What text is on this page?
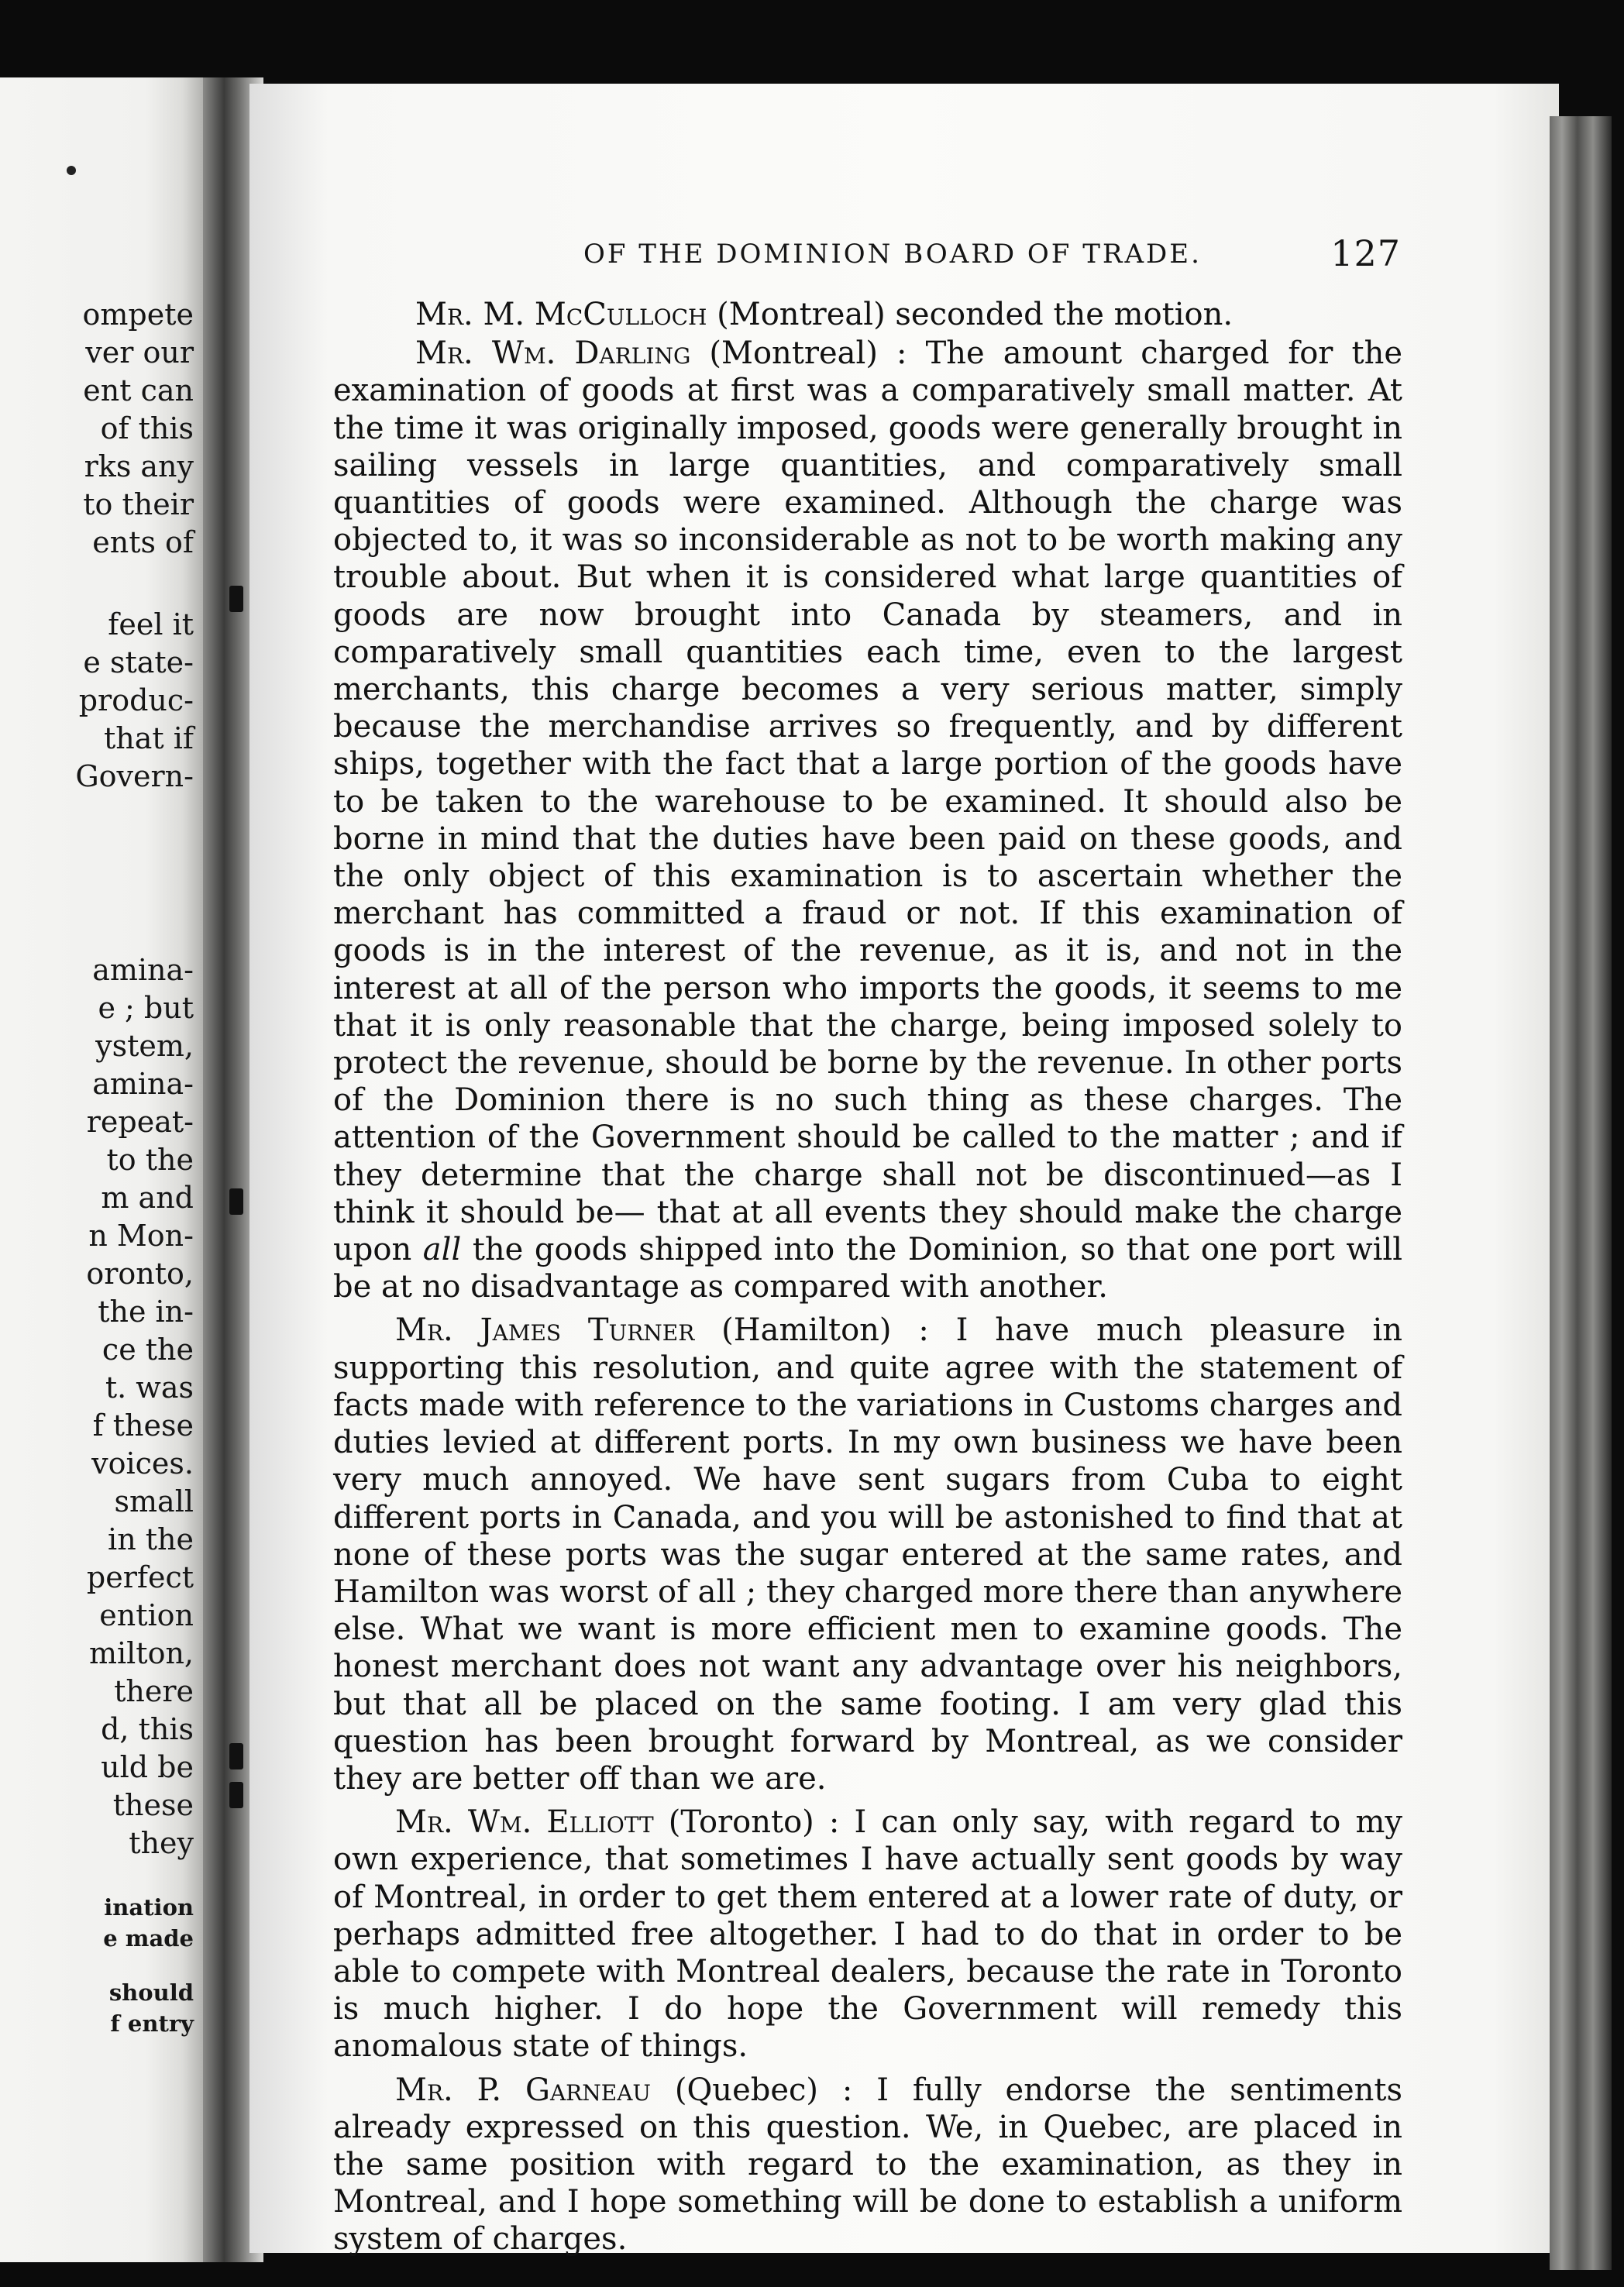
ompete
ver our
ent can
of this
rks any
to their
ents of
feel it
e state-
produc-
that if
Govern-
amina-
e ; but
ystem,
amina-
repeat-
to the
m and
n Mon-
oronto,
the in-
ce the
t. was
f these
voices.
small
in the
perfect
ention
milton,
there
d, this
uld be
these
they
ination
e made
should
f entry
OF THE DOMINION BOARD OF TRADE.	127

Mr. M. McCulloch (Montreal) seconded the motion.

Mr. Wm. Darling (Montreal) : The amount charged for the examination of goods at first was a comparatively small matter. At the time it was originally imposed, goods were generally brought in sailing vessels in large quantities, and comparatively small quantities of goods were examined. Although the charge was objected to, it was so inconsiderable as not to be worth making any trouble about. But when it is considered what large quantities of goods are now brought into Canada by steamers, and in comparatively small quantities each time, even to the largest merchants, this charge becomes a very serious matter, simply because the merchandise arrives so frequently, and by different ships, together with the fact that a large portion of the goods have to be taken to the warehouse to be examined. It should also be borne in mind that the duties have been paid on these goods, and the only object of this examination is to ascertain whether the merchant has committed a fraud or not. If this examination of goods is in the interest of the revenue, as it is, and not in the interest at all of the person who imports the goods, it seems to me that it is only reasonable that the charge, being imposed solely to protect the revenue, should be borne by the revenue. In other ports of the Dominion there is no such thing as these charges. The attention of the Government should be called to the matter ; and if they determine that the charge shall not be discontinued—as I think it should be— that at all events they should make the charge upon all the goods shipped into the Dominion, so that one port will be at no disadvantage as compared with another.

Mr. James Turner (Hamilton) : I have much pleasure in supporting this resolution, and quite agree with the statement of facts made with reference to the variations in Customs charges and duties levied at different ports. In my own business we have been very much annoyed. We have sent sugars from Cuba to eight different ports in Canada, and you will be astonished to find that at none of these ports was the sugar entered at the same rates, and Hamilton was worst of all ; they charged more there than anywhere else. What we want is more efficient men to examine goods. The honest merchant does not want any advantage over his neighbors, but that all be placed on the same footing. I am very glad this question has been brought forward by Montreal, as we consider they are better off than we are.

Mr. Wm. Elliott (Toronto) : I can only say, with regard to my own experience, that sometimes I have actually sent goods by way of Montreal, in order to get them entered at a lower rate of duty, or perhaps admitted free altogether. I had to do that in order to be able to compete with Montreal dealers, because the rate in Toronto is much higher. I do hope the Government will remedy this anomalous state of things.

Mr. P. Garneau (Quebec) : I fully endorse the sentiments already expressed on this question. We, in Quebec, are placed in the same position with regard to the examination, as they in Montreal, and I hope something will be done to establish a uniform system of charges.
